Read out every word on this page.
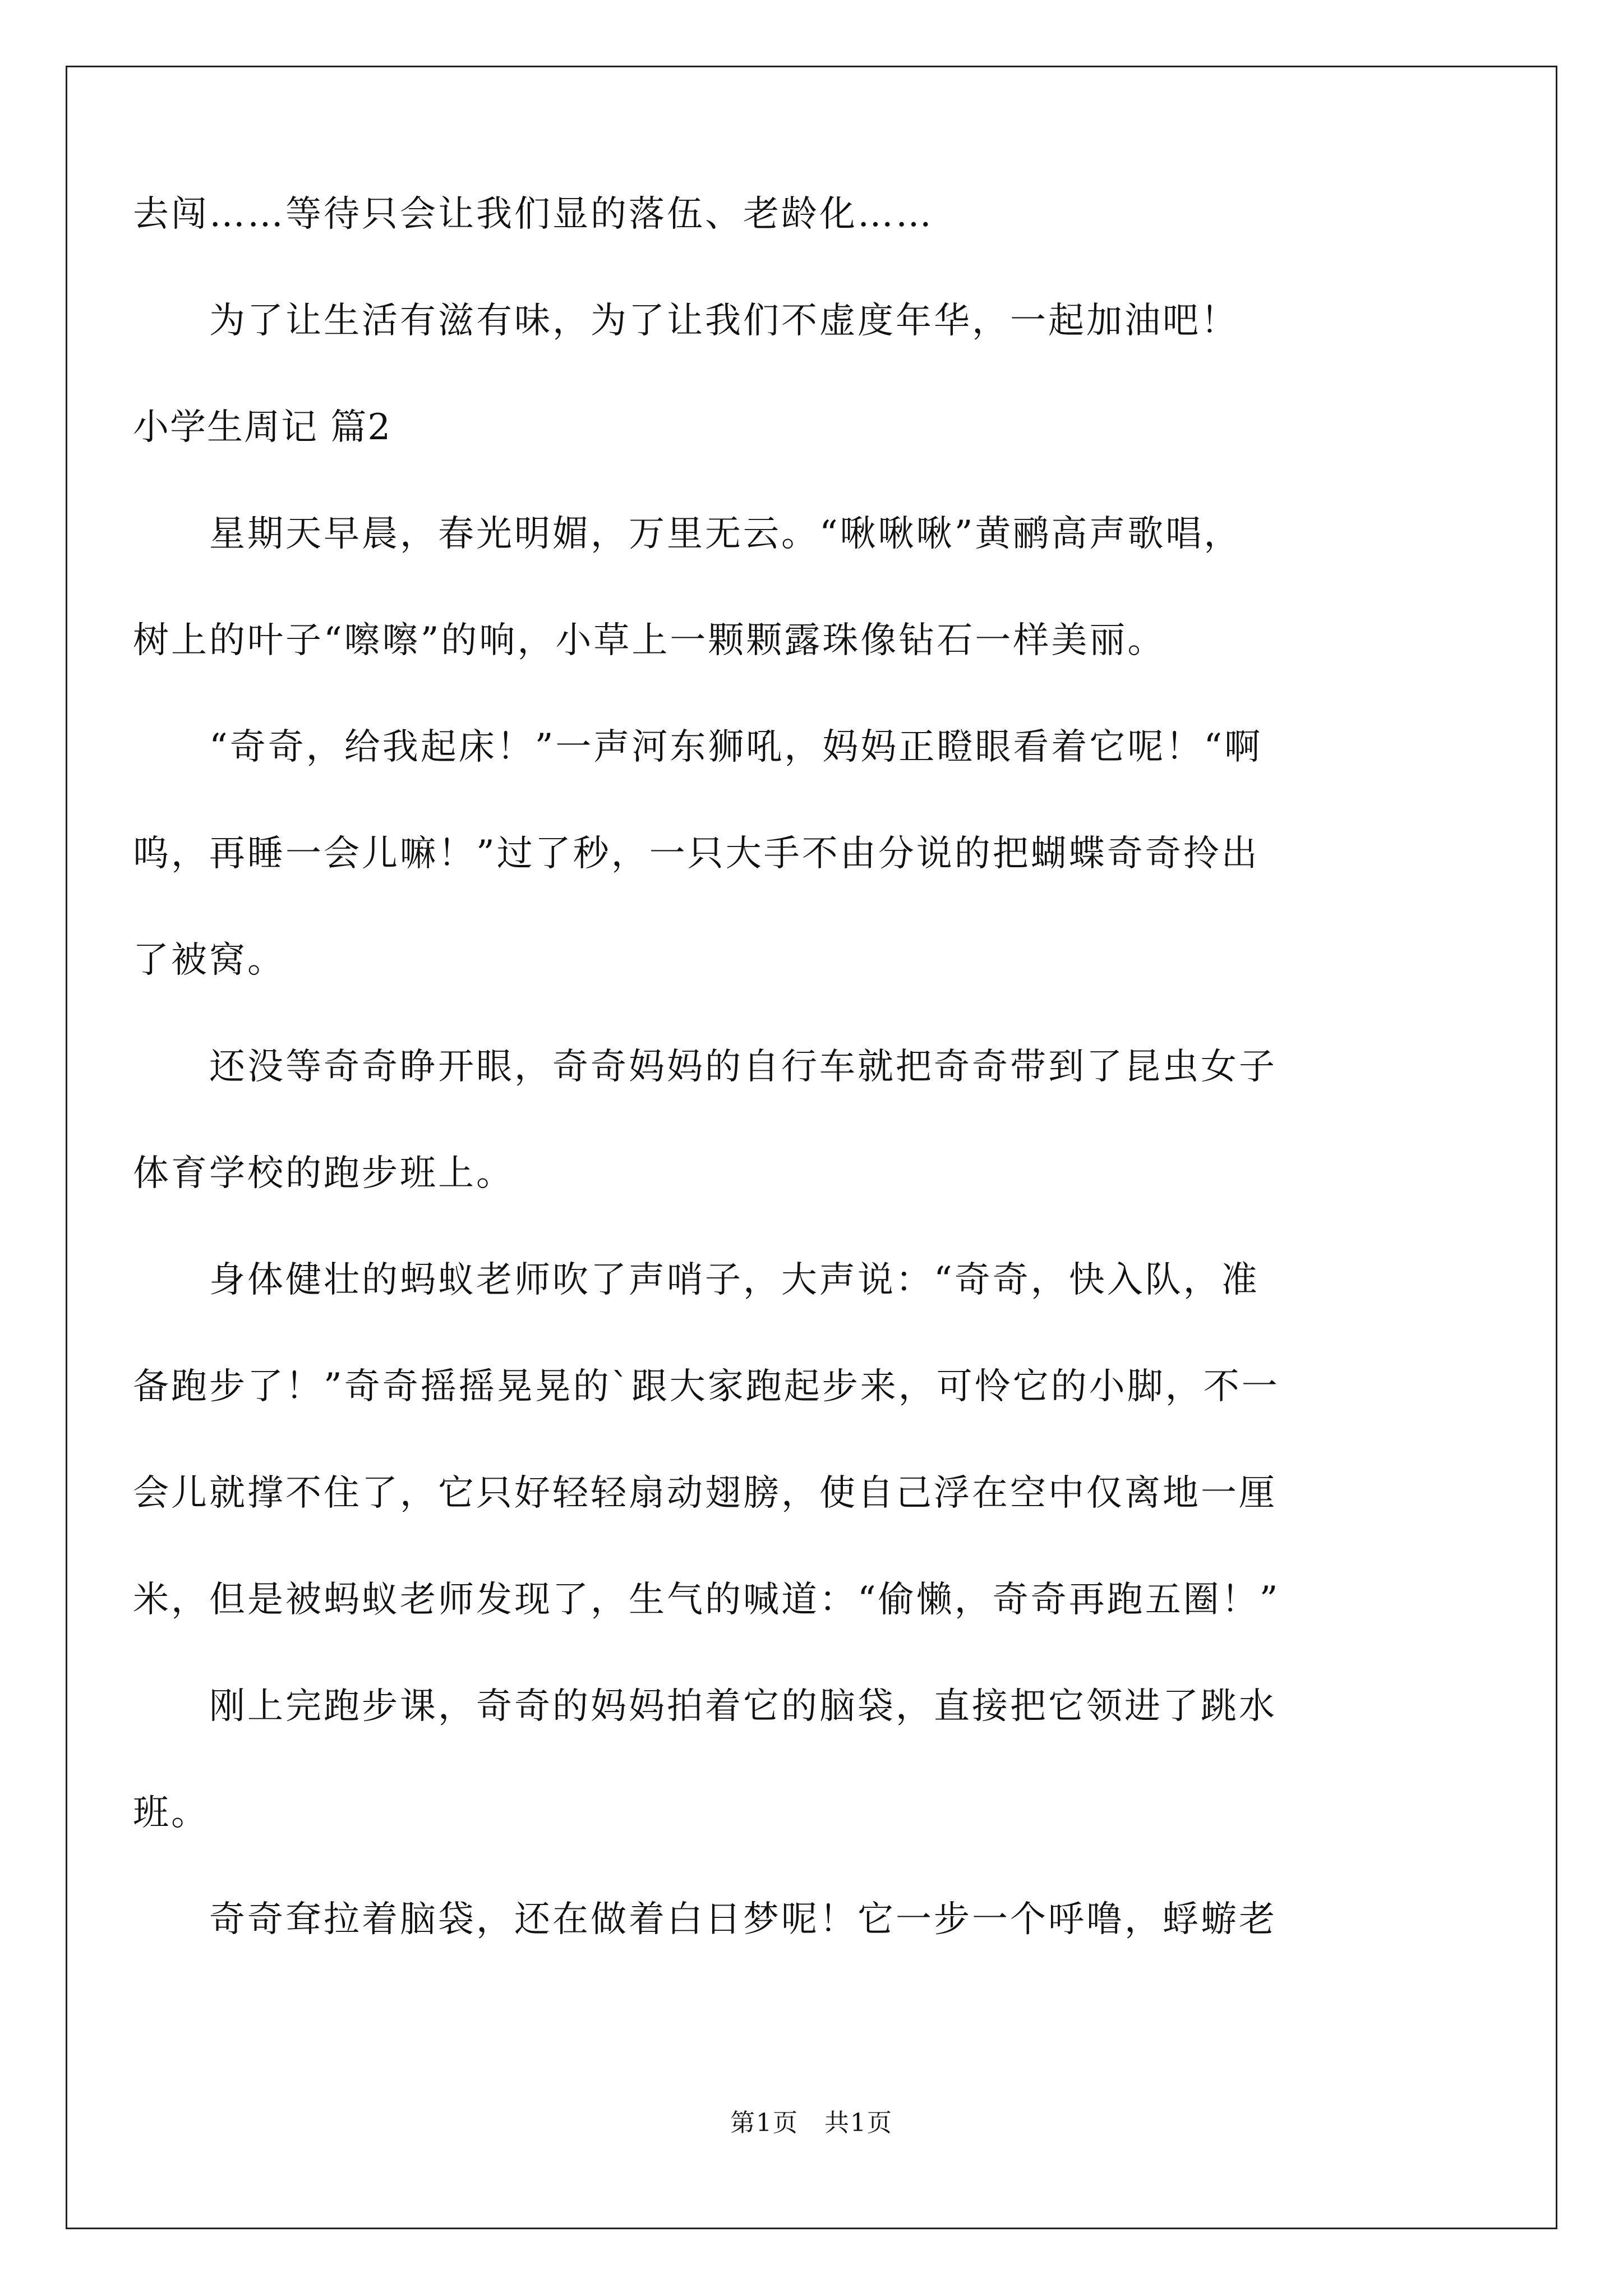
去闯……等待只会让我们显的落伍、老龄化……
　　为了让生活有滋有味，为了让我们不虚度年华，一起加油吧！
小学生周记 篇2
　　星期天早晨，春光明媚，万里无云。“啾啾啾”黄鹂高声歌唱，
树上的叶子“嚓嚓”的响，小草上一颗颗露珠像钻石一样美丽。
　　“奇奇，给我起床！”一声河东狮吼，妈妈正瞪眼看着它呢！“啊
呜，再睡一会儿嘛！”过了秒，一只大手不由分说的把蝴蝶奇奇拎出
了被窝。
　　还没等奇奇睁开眼，奇奇妈妈的自行车就把奇奇带到了昆虫女子
体育学校的跑步班上。
　　身体健壮的蚂蚁老师吹了声哨子，大声说：“奇奇，快入队，准
备跑步了！”奇奇摇摇晃晃的`跟大家跑起步来，可怜它的小脚，不一
会儿就撑不住了，它只好轻轻扇动翅膀，使自己浮在空中仅离地一厘
米，但是被蚂蚁老师发现了，生气的喊道：“偷懒，奇奇再跑五圈！”
　　刚上完跑步课，奇奇的妈妈拍着它的脑袋，直接把它领进了跳水
班。
　　奇奇耷拉着脑袋，还在做着白日梦呢！它一步一个呼噜，蜉蝣老
第1页　共1页
